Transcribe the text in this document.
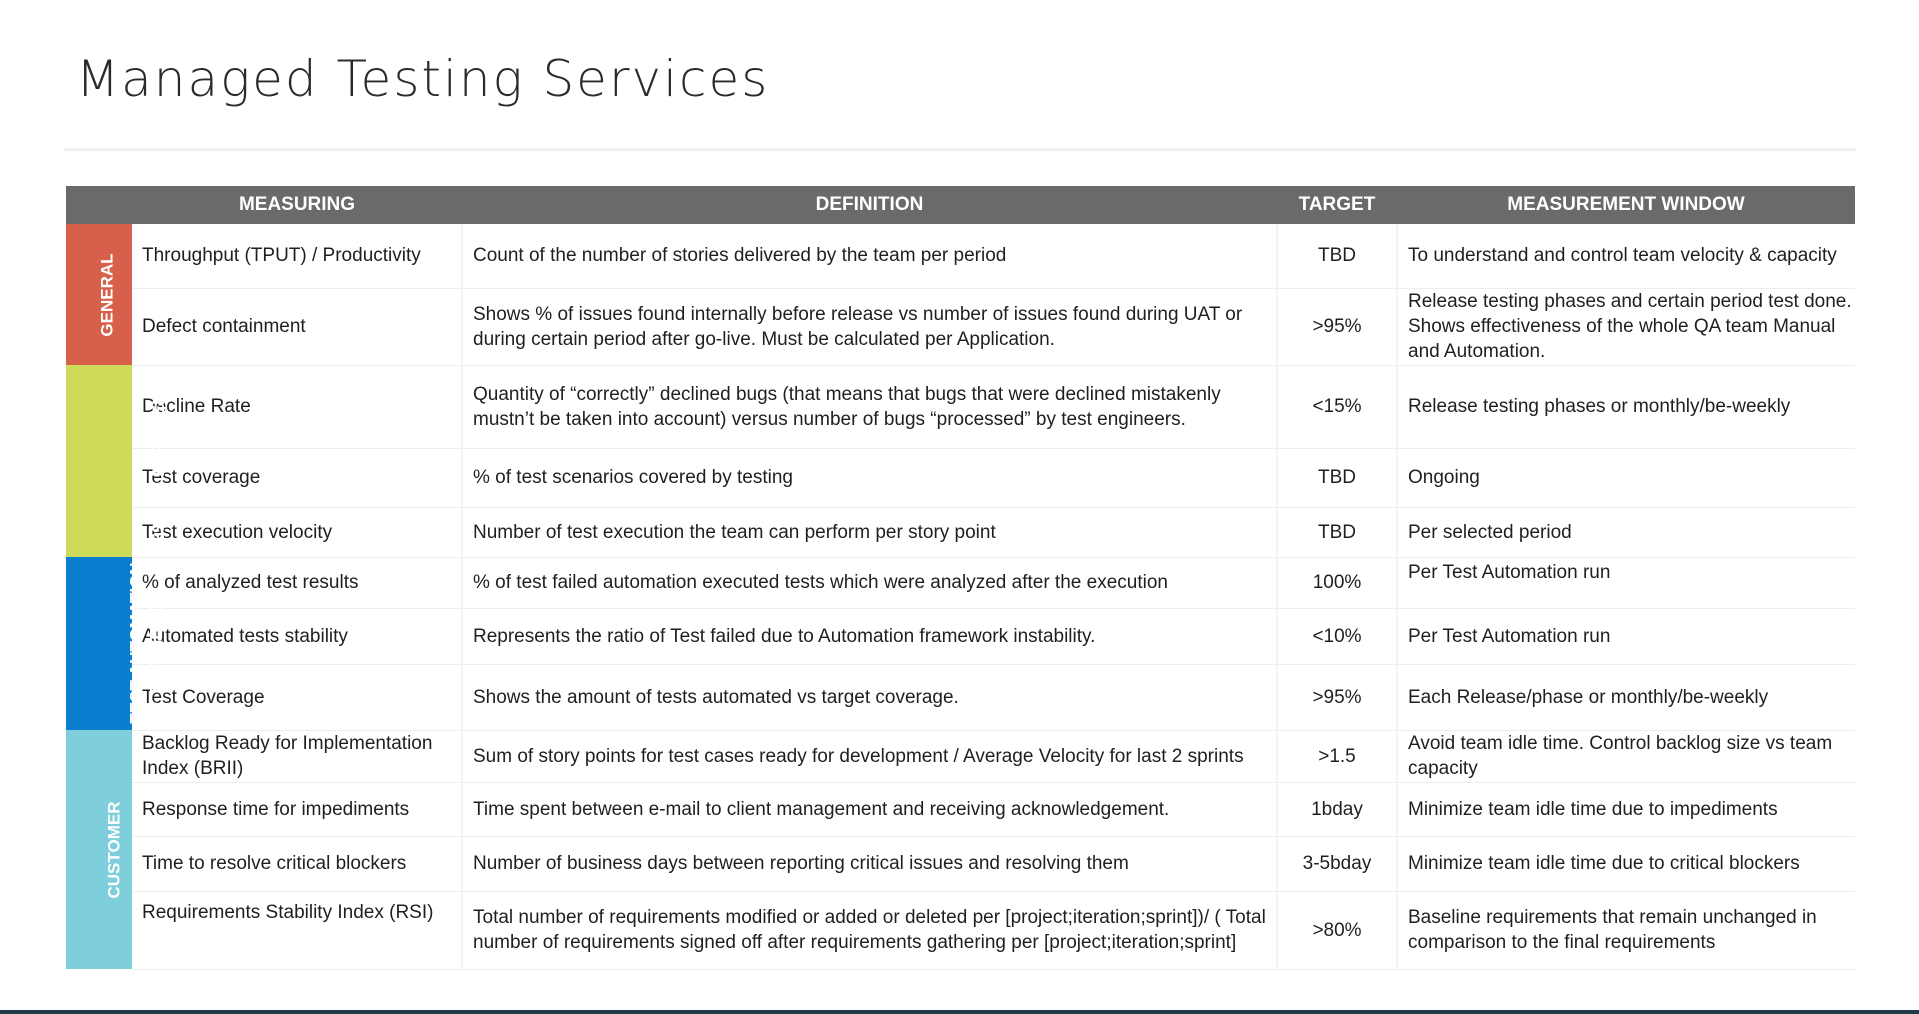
Managed Testing Services
	MEASURING	DEFINITION	TARGET	MEASUREMENT WINDOW
GENERAL	Throughput (TPUT) / Productivity	Count of the number of stories delivered by the team per period	TBD	To understand and control team velocity & capacity
	Defect containment	Shows % of issues found internally before release vs number of issues found during UAT or during certain period after go-live. Must be calculated per Application.	>95%	Release testing phases and certain period test done. Shows effectiveness of the whole QA team Manual and Automation.
TESTING EFFECIENCY	Decline Rate	Quantity of “correctly” declined bugs (that means that bugs that were declined mistakenly mustn’t be taken into account) versus number of bugs “processed” by test engineers.	<15%	Release testing phases or monthly/be-weekly
	Test coverage	% of test scenarios covered by testing	TBD	Ongoing
	Test execution velocity	Number of test execution the team can perform per story point	TBD	Per selected period
TEST AUTOMATION
EFFICIENCY	% of analyzed test results	% of test failed automation executed tests which were analyzed after the execution	100%	Per Test Automation run
	Automated tests stability	Represents the ratio of Test failed due to Automation framework instability.	<10%	Per Test Automation run
	Test Coverage	Shows the amount of tests automated vs target coverage.	>95%	Each Release/phase or monthly/be-weekly
CUSTOMER	Backlog Ready for Implementation Index (BRII)	Sum of story points for test cases ready for development / Average Velocity for last 2 sprints	>1.5	Avoid team idle time. Control backlog size vs team capacity
	Response time for impediments	Time spent between e-mail to client management and receiving acknowledgement.	1bday	Minimize team idle time due to impediments
	Time to resolve critical blockers	Number of business days between reporting critical issues and resolving them	3-5bday	Minimize team idle time due to critical blockers
	Requirements Stability Index (RSI)	Total number of requirements modified or added or deleted per [project;iteration;sprint])/ ( Total number of requirements signed off after requirements gathering per [project;iteration;sprint]	>80%	Baseline requirements that remain unchanged in comparison to the final requirements
